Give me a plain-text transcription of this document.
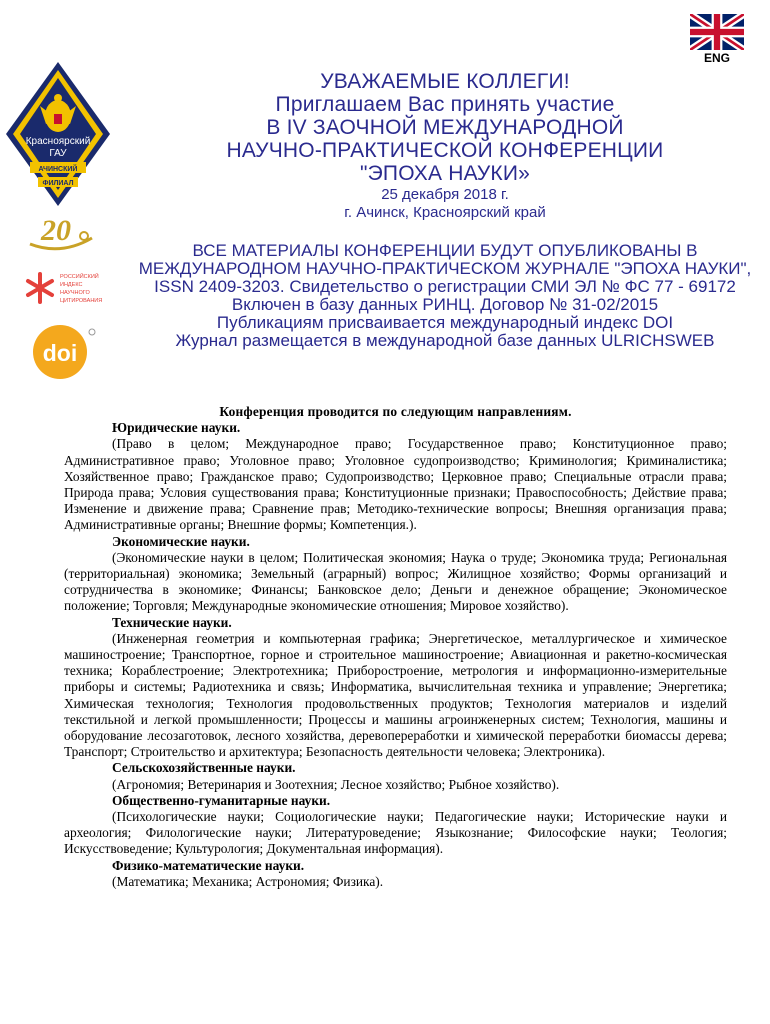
ENG
Красноярский
ГАУ
АЧИНСКИЙ
ФИЛИАЛ
20
РОССИЙСКИЙ
ИНДЕКС
НАУЧНОГО
ЦИТИРОВАНИЯ
doi
УВАЖАЕМЫЕ КОЛЛЕГИ!
Приглашаем Вас принять участие
В IV ЗАОЧНОЙ МЕЖДУНАРОДНОЙ
НАУЧНО-ПРАКТИЧЕСКОЙ КОНФЕРЕНЦИИ
"ЭПОХА НАУКИ»
25 декабря 2018 г.
г. Ачинск, Красноярский край
ВСЕ МАТЕРИАЛЫ КОНФЕРЕНЦИИ БУДУТ ОПУБЛИКОВАНЫ В
МЕЖДУНАРОДНОМ НАУЧНО-ПРАКТИЧЕСКОМ ЖУРНАЛЕ "ЭПОХА НАУКИ",
ISSN 2409-3203. Свидетельство о регистрации СМИ ЭЛ № ФС 77 - 69172
Включен в базу данных РИНЦ. Договор № 31-02/2015
Публикациям присваивается международный индекс DOI
Журнал размещается в международной базе данных ULRICHSWEB
Конференция проводится по следующим направлениям.
Юридические науки.

(Право в целом; Международное право; Государственное право; Конституционное право; Административное право; Уголовное право; Уголовное судопроизводство; Криминология; Криминалистика; Хозяйственное право; Гражданское право; Судопроизводство; Церковное право; Специальные отрасли права; Природа права; Условия существования права; Конституционные признаки; Правоспособность; Действие права; Изменение и движение права; Сравнение прав; Методико-технические вопросы; Внешняя организация права; Административные органы; Внешние формы; Компетенция.).

Экономические науки.

(Экономические науки в целом; Политическая экономия; Наука о труде; Экономика труда; Региональная (территориальная) экономика; Земельный (аграрный) вопрос; Жилищное хозяйство; Формы организаций и сотрудничества в экономике; Финансы; Банковское дело; Деньги и денежное обращение; Экономическое положение; Торговля; Международные экономические отношения; Мировое хозяйство).

Технические науки.

(Инженерная геометрия и компьютерная графика; Энергетическое, металлургическое и химическое машиностроение; Транспортное, горное и строительное машиностроение; Авиационная и ракетно-космическая техника; Кораблестроение; Электротехника; Приборостроение, метрология и информационно-измерительные приборы и системы; Радиотехника и связь; Информатика, вычислительная техника и управление; Энергетика; Химическая технология; Технология продовольственных продуктов; Технология материалов и изделий текстильной и легкой промышленности; Процессы и машины агроинженерных систем; Технология, машины и оборудование лесозаготовок, лесного хозяйства, деревопереработки и химической переработки биомассы дерева; Транспорт; Строительство и архитектура; Безопасность деятельности человека; Электроника).

Сельскохозяйственные науки.

(Агрономия; Ветеринария и Зоотехния; Лесное хозяйство; Рыбное хозяйство).

Общественно-гуманитарные науки.

(Психологические науки; Социологические науки; Педагогические науки; Исторические науки и археология; Филологические науки; Литературоведение; Языкознание; Философские науки; Теология; Искусствоведение; Культурология; Документальная информация).

Физико-математические науки.

(Математика; Механика; Астрономия; Физика).
